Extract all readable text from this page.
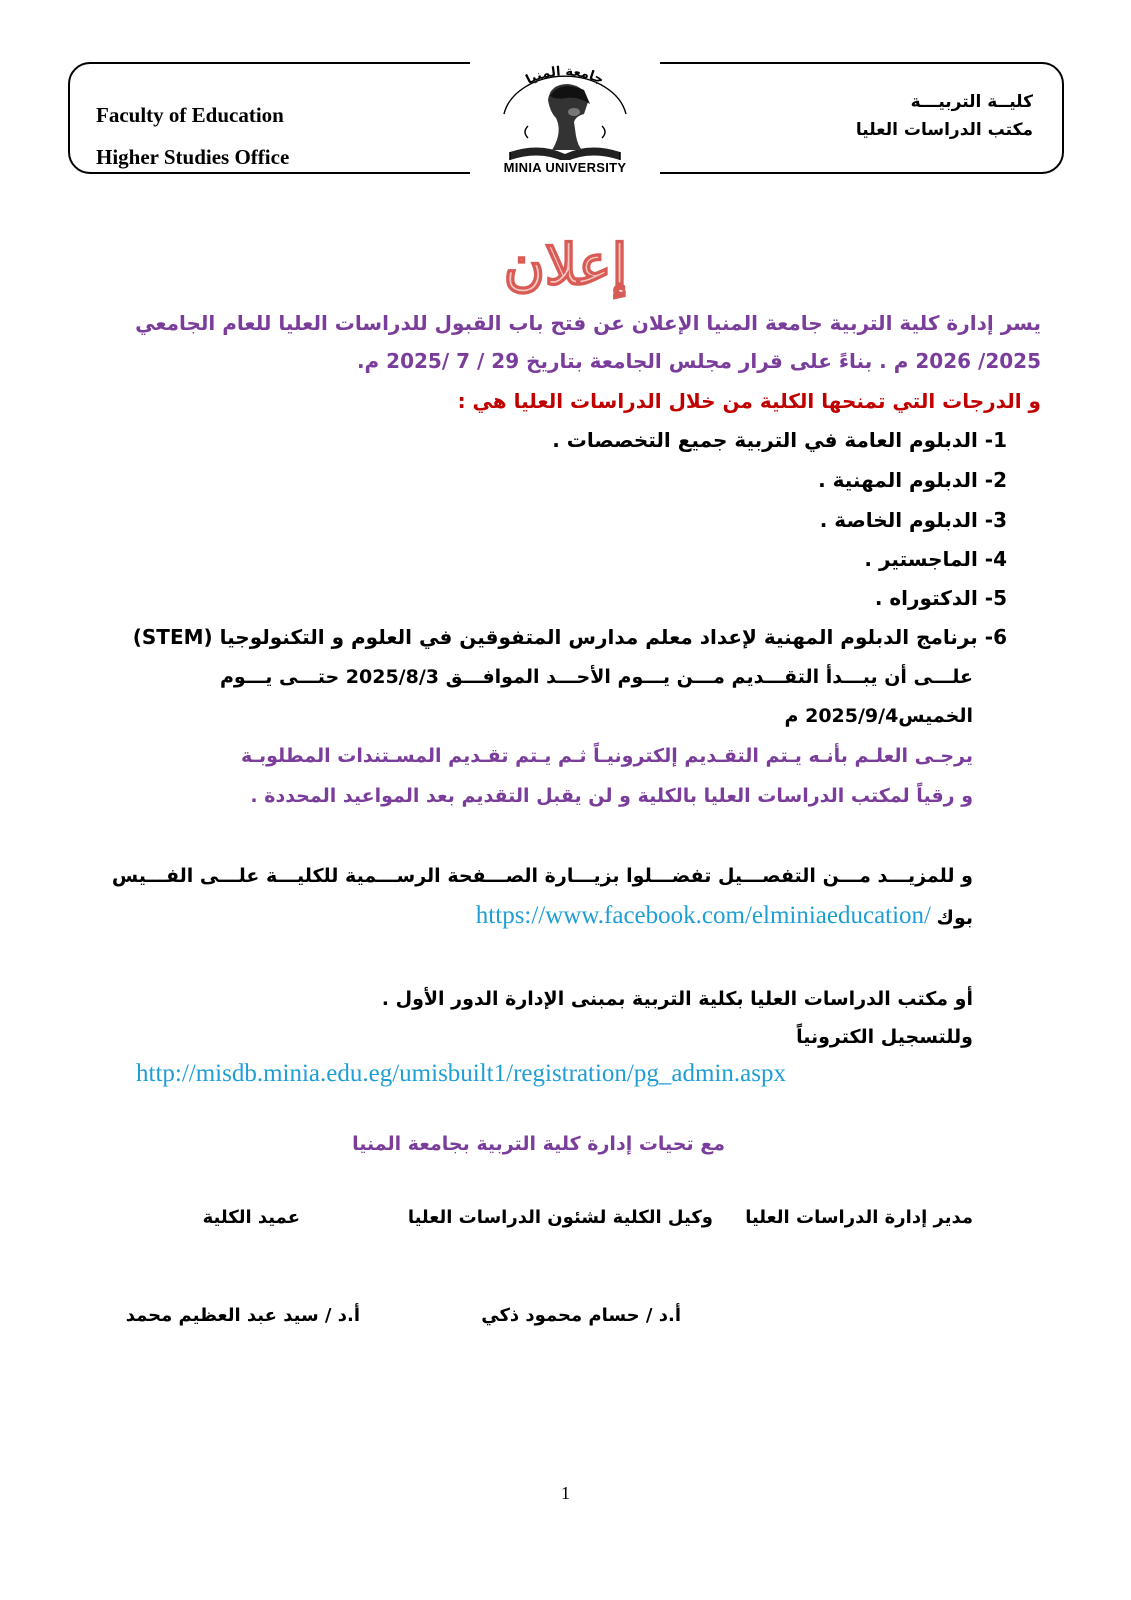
Faculty of Education
Higher Studies Office
كليــة التربيـــة
مكتب الدراسات العليا
جامعة المنيا
MINIA UNIVERSITY
إعلان
يسر إدارة كلية التربية جامعة المنيا الإعلان عن فتح باب القبول للدراسات العليا للعام الجامعي
2025/ 2026 م . بناءً على قرار مجلس الجامعة بتاريخ 29 / 7 /2025 م.
و الدرجات التي تمنحها الكلية من خلال الدراسات العليا هي :
1- الدبلوم العامة في التربية جميع التخصصات .
2- الدبلوم المهنية .
3- الدبلوم الخاصة .
4- الماجستير .
5- الدكتوراه .
6- برنامج الدبلوم المهنية لإعداد معلم مدارس المتفوقين في العلوم و التكنولوجيا (STEM)
علـــى أن يبـــدأ التقـــديم مـــن يـــوم الأحـــد الموافـــق 2025/8/3 حتـــى يـــوم
الخميس2025/9/4 م
يرجـى العلـم بأنـه يـتم التقـديم إلكترونيـاً ثـم يـتم تقـديم المسـتندات المطلوبـة
و رقياً لمكتب الدراسات العليا بالكلية و لن يقبل التقديم بعد المواعيد المحددة .
و للمزيـــد مـــن التفصـــيل تفضـــلوا بزيـــارة الصـــفحة الرســـمية للكليـــة علـــى الفـــيس
بوك
https://www.facebook.com/elminiaeducation/
أو مكتب الدراسات العليا بكلية التربية بمبنى الإدارة الدور الأول .
وللتسجيل الكترونياً
http://misdb.minia.edu.eg/umisbuilt1/registration/pg_admin.aspx
مع تحيات إدارة كلية التربية بجامعة المنيا
مدير إدارة الدراسات العليا
وكيل الكلية لشئون الدراسات العليا
عميد الكلية
أ.د / حسام محمود ذكي
أ.د / سيد عبد العظيم محمد
1
